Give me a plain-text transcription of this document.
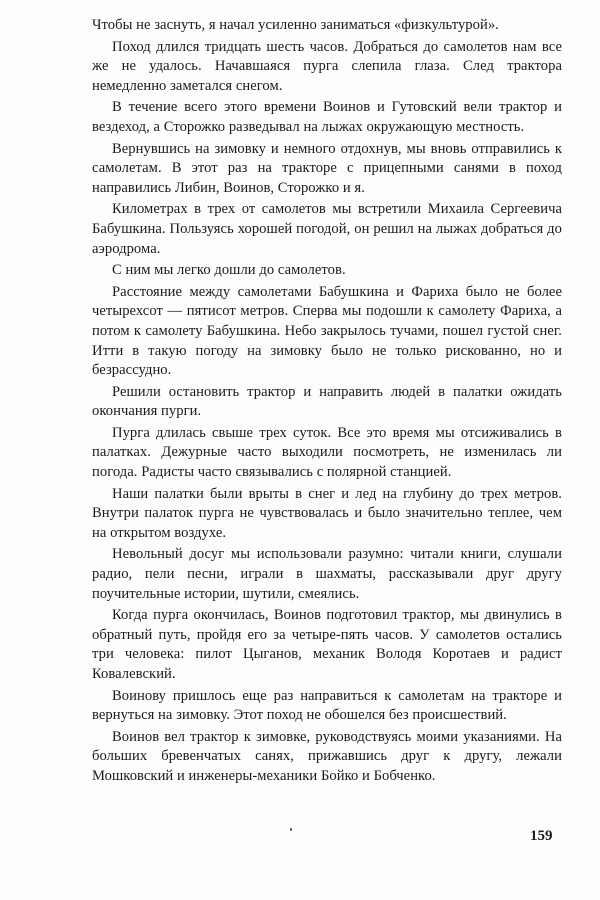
Чтобы не заснуть, я начал усиленно заниматься «физкультурой».

Поход длился тридцать шесть часов. Добраться до самолетов нам все же не удалось. Начавшаяся пурга слепила глаза. След трактора немедленно заметался снегом.

В течение всего этого времени Воинов и Гутовский вели трактор и вездеход, а Сторожко разведывал на лыжах окружающую местность.

Вернувшись на зимовку и немного отдохнув, мы вновь отправились к самолетам. В этот раз на тракторе с прицепными санями в поход направились Либин, Воинов, Сторожко и я.

Километрах в трех от самолетов мы встретили Михаила Сергеевича Бабушкина. Пользуясь хорошей погодой, он решил на лыжах добраться до аэродрома.

С ним мы легко дошли до самолетов.

Расстояние между самолетами Бабушкина и Фариха было не более четырехсот — пятисот метров. Сперва мы подошли к самолету Фариха, а потом к самолету Бабушкина. Небо закрылось тучами, пошел густой снег. Итти в такую погоду на зимовку было не только рискованно, но и безрассудно.

Решили остановить трактор и направить людей в палатки ожидать окончания пурги.

Пурга длилась свыше трех суток. Все это время мы отсиживались в палатках. Дежурные часто выходили посмотреть, не изменилась ли погода. Радисты часто связывались с полярной станцией.

Наши палатки были врыты в снег и лед на глубину до трех метров. Внутри палаток пурга не чувствовалась и было значительно теплее, чем на открытом воздухе.

Невольный досуг мы использовали разумно: читали книги, слушали радио, пели песни, играли в шахматы, рассказывали друг другу поучительные истории, шутили, смеялись.

Когда пурга окончилась, Воинов подготовил трактор, мы двинулись в обратный путь, пройдя его за четыре-пять часов. У самолетов остались три человека: пилот Цыганов, механик Володя Коротаев и радист Ковалевский.

Воинову пришлось еще раз направиться к самолетам на тракторе и вернуться на зимовку. Этот поход не обошелся без происшествий.

Воинов вел трактор к зимовке, руководствуясь моими указаниями. На больших бревенчатых санях, прижавшись друг к другу, лежали Мошковский и инженеры-механики Бойко и Бобченко.

159
